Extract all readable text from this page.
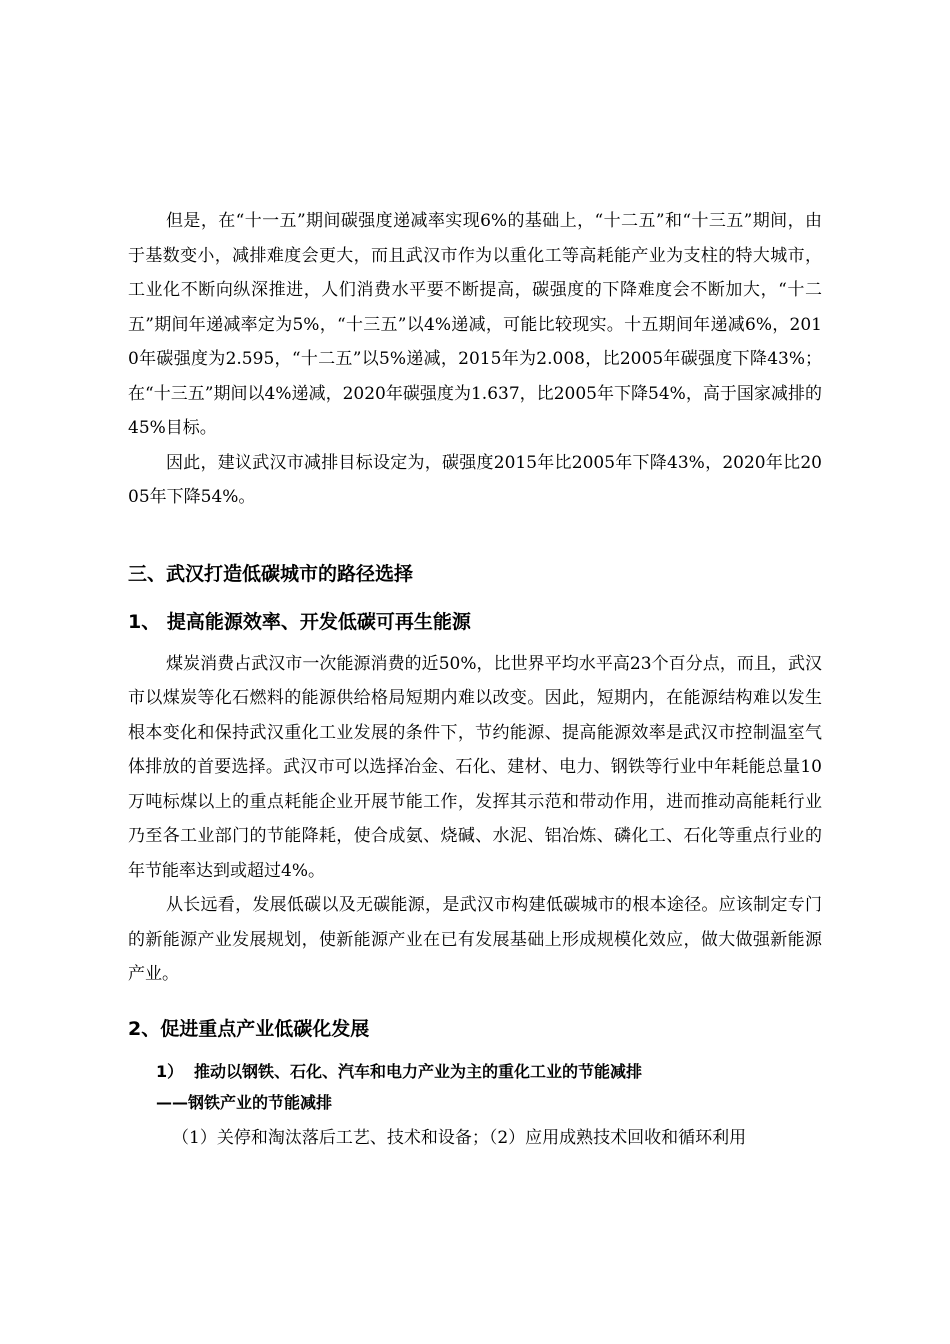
但是，在“十一五”期间碳强度递减率实现6%的基础上，“十二五”和“十三五”期间，由于基数变小，减排难度会更大，而且武汉市作为以重化工等高耗能产业为支柱的特大城市，工业化不断向纵深推进，人们消费水平要不断提高，碳强度的下降难度会不断加大，“十二五”期间年递减率定为5%，“十三五”以4%递减，可能比较现实。十五期间年递减6%，2010年碳强度为2.595，“十二五”以5%递减，2015年为2.008，比2005年碳强度下降43%；在“十三五”期间以4%递减，2020年碳强度为1.637，比2005年下降54%，高于国家减排的45%目标。

因此，建议武汉市减排目标设定为，碳强度2015年比2005年下降43%，2020年比2005年下降54%。

三、武汉打造低碳城市的路径选择
1、 提高能源效率、开发低碳可再生能源

煤炭消费占武汉市一次能源消费的近50%，比世界平均水平高23个百分点，而且，武汉市以煤炭等化石燃料的能源供给格局短期内难以改变。因此，短期内，在能源结构难以发生根本变化和保持武汉重化工业发展的条件下，节约能源、提高能源效率是武汉市控制温室气体排放的首要选择。武汉市可以选择冶金、石化、建材、电力、钢铁等行业中年耗能总量10万吨标煤以上的重点耗能企业开展节能工作，发挥其示范和带动作用，进而推动高能耗行业乃至各工业部门的节能降耗，使合成氨、烧碱、水泥、铝冶炼、磷化工、石化等重点行业的年节能率达到或超过4%。

从长远看，发展低碳以及无碳能源，是武汉市构建低碳城市的根本途径。应该制定专门的新能源产业发展规划，使新能源产业在已有发展基础上形成规模化效应，做大做强新能源产业。

2、促进重点产业低碳化发展

1） 推动以钢铁、石化、汽车和电力产业为主的重化工业的节能减排

——钢铁产业的节能减排

（1）关停和淘汰落后工艺、技术和设备；（2）应用成熟技术回收和循环利用
